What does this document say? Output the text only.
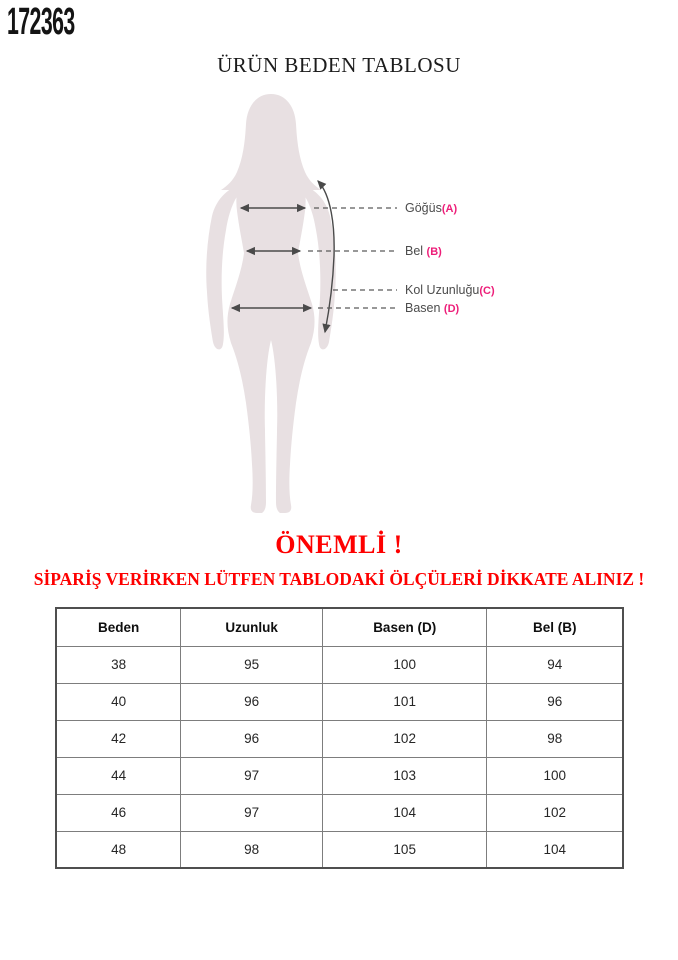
172363
ÜRÜN BEDEN TABLOSU
Göğüs(A)
Bel (B)
Kol Uzunluğu(C)
Basen (D)
ÖNEMLİ !
SİPARİŞ VERİRKEN LÜTFEN TABLODAKİ ÖLÇÜLERİ DİKKATE ALINIZ !
Beden	Uzunluk	Basen (D)	Bel (B)
38	95	100	94
40	96	101	96
42	96	102	98
44	97	103	100
46	97	104	102
48	98	105	104
